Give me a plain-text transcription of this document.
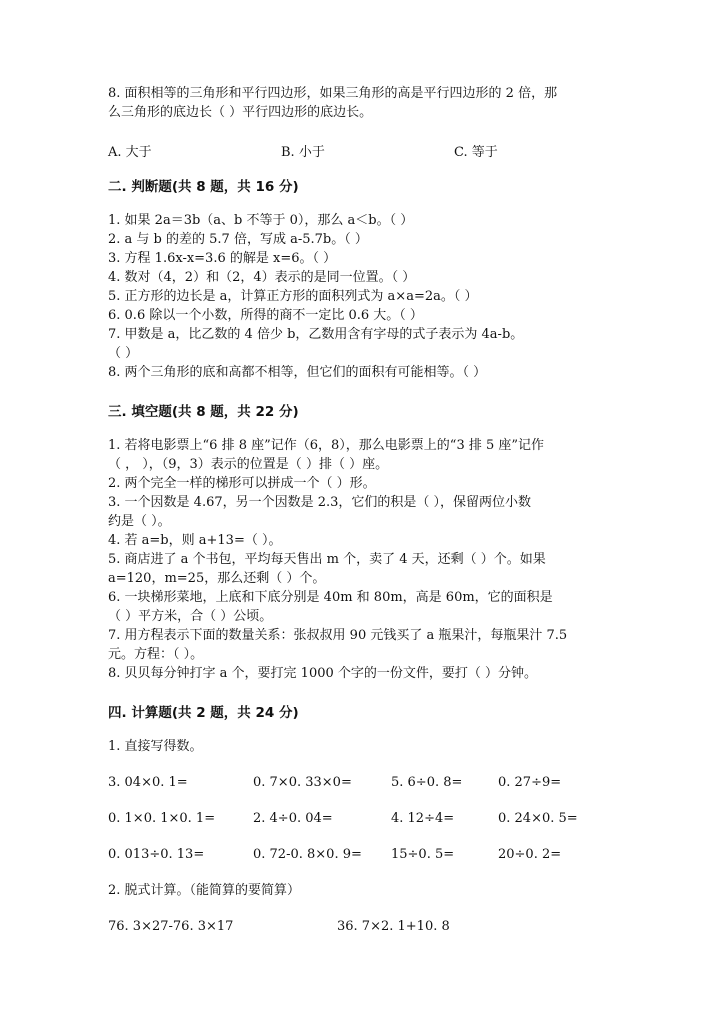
8. 面积相等的三角形和平行四边形，如果三角形的高是平行四边形的 2 倍，那

么三角形的底边长（ ）平行四边形的底边长。

A. 大于	B. 小于	C. 等于

二. 判断题(共 8 题，共 16 分)

1. 如果 2a＝3b（a、b 不等于 0），那么 a＜b。（ ）

2. a 与 b 的差的 5.7 倍，写成 a-5.7b。（ ）

3. 方程 1.6x-x=3.6 的解是 x=6。（ ）

4. 数对（4，2）和（2，4）表示的是同一位置。（ ）

5. 正方形的边长是 a，计算正方形的面积列式为 a×a=2a。（ ）

6. 0.6 除以一个小数，所得的商不一定比 0.6 大。（ ）

7. 甲数是 a，比乙数的 4 倍少 b，乙数用含有字母的式子表示为 4a-b。

（ ）

8. 两个三角形的底和高都不相等，但它们的面积有可能相等。（ ）

三. 填空题(共 8 题，共 22 分)

1. 若将电影票上“6 排 8 座”记作（6，8），那么电影票上的“3 排 5 座”记作

（ ， ），（9，3）表示的位置是（ ）排（ ）座。

2. 两个完全一样的梯形可以拼成一个（ ）形。

3. 一个因数是 4.67，另一个因数是 2.3，它们的积是（ ），保留两位小数

约是（ ）。

4. 若 a=b，则 a+13=（ ）。

5. 商店进了 a 个书包，平均每天售出 m 个，卖了 4 天，还剩（ ）个。如果

a=120，m=25，那么还剩（ ）个。

6. 一块梯形菜地，上底和下底分别是 40m 和 80m，高是 60m，它的面积是

（ ）平方米，合（ ）公顷。

7. 用方程表示下面的数量关系：张叔叔用 90 元钱买了 a 瓶果汁，每瓶果汁 7.5

元。方程：（ ）。

8. 贝贝每分钟打字 a 个，要打完 1000 个字的一份文件，要打（ ）分钟。

四. 计算题(共 2 题，共 24 分)

1. 直接写得数。

3. 04×0. 1=	0. 7×0. 33×0=	5. 6÷0. 8=	0. 27÷9=
0. 1×0. 1×0. 1=	2. 4÷0. 04=	4. 12÷4=	0. 24×0. 5=
0. 013÷0. 13=	0. 72-0. 8×0. 9=	15÷0. 5=	20÷0. 2=

2. 脱式计算。（能简算的要简算）

76. 3×27-76. 3×17	36. 7×2. 1+10. 8
